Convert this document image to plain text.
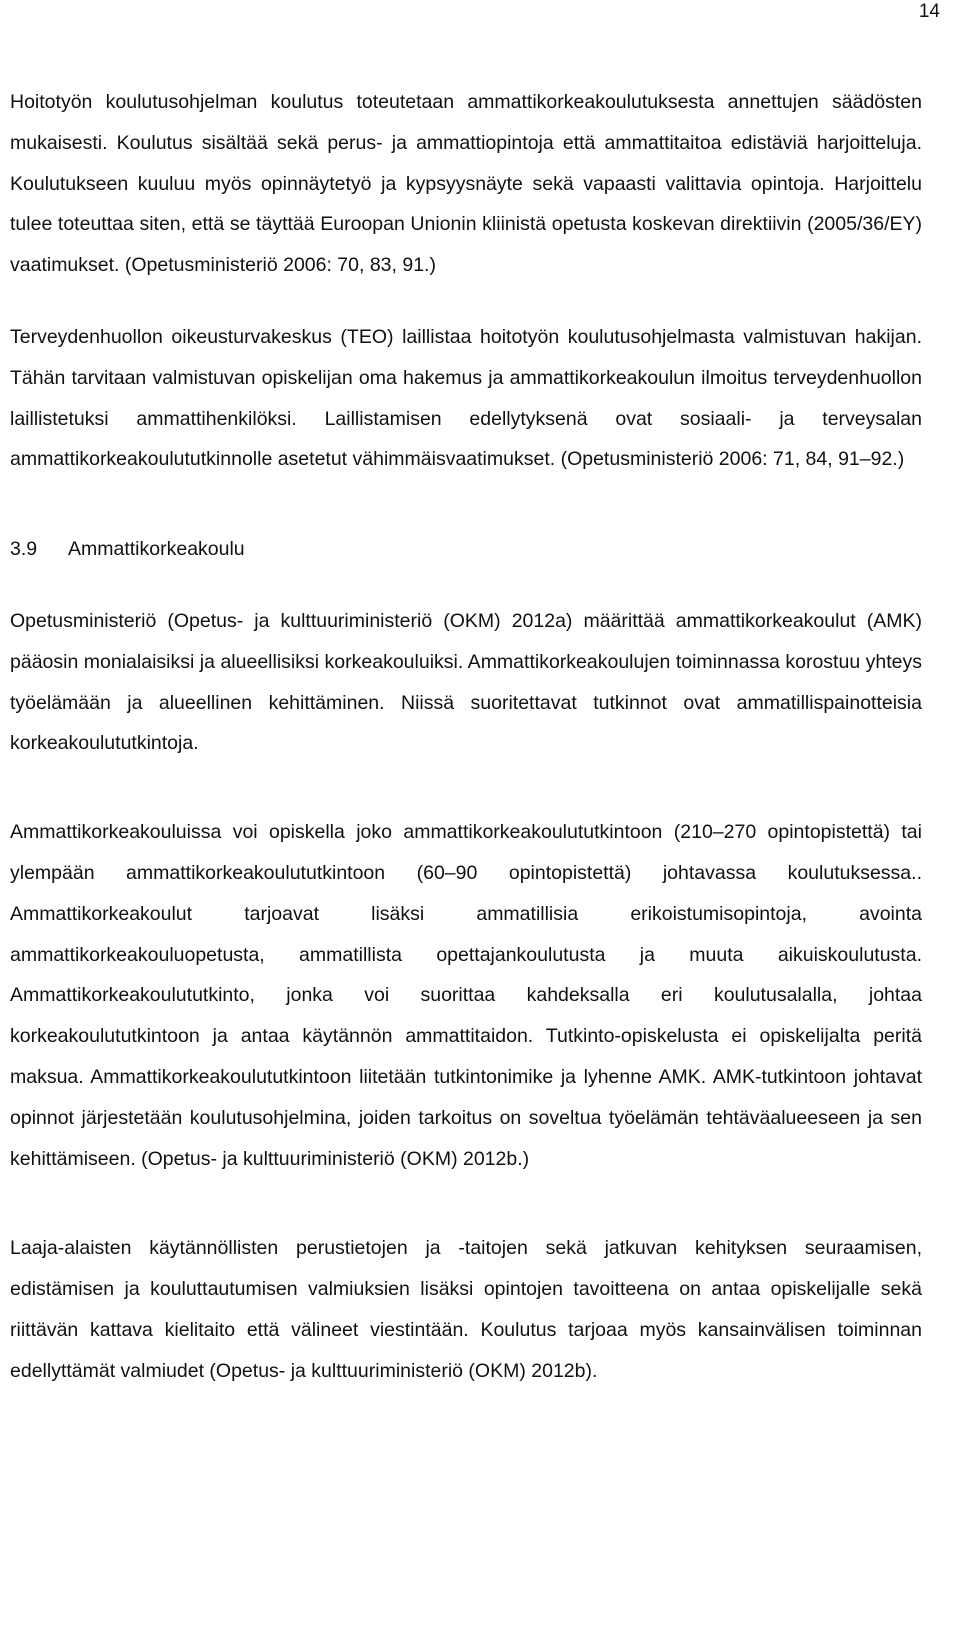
14

Hoitotyön koulutusohjelman koulutus toteutetaan ammattikorkeakoulutuksesta annettujen säädösten mukaisesti. Koulutus sisältää sekä perus- ja ammattiopintoja että ammattitaitoa edistäviä harjoitteluja. Koulutukseen kuuluu myös opinnäytetyö ja kypsyysnäyte sekä vapaasti valittavia opintoja. Harjoittelu tulee toteuttaa siten, että se täyttää Euroopan Unionin kliinistä opetusta koskevan direktiivin (2005/36/EY) vaatimukset. (Opetusministeriö 2006: 70, 83, 91.)

Terveydenhuollon oikeusturvakeskus (TEO) laillistaa hoitotyön koulutusohjelmasta valmistuvan hakijan. Tähän tarvitaan valmistuvan opiskelijan oma hakemus ja ammattikorkeakoulun ilmoitus terveydenhuollon laillistetuksi ammattihenkilöksi. Laillistamisen edellytyksenä ovat sosiaali- ja terveysalan ammattikorkeakoulututkinnolle asetetut vähimmäisvaatimukset. (Opetusministeriö 2006: 71, 84, 91–92.)

3.9 Ammattikorkeakoulu

Opetusministeriö (Opetus- ja kulttuuriministeriö (OKM) 2012a) määrittää ammattikorkeakoulut (AMK) pääosin monialaisiksi ja alueellisiksi korkeakouluiksi. Ammattikorkeakoulujen toiminnassa korostuu yhteys työelämään ja alueellinen kehittäminen. Niissä suoritettavat tutkinnot ovat ammatillispainotteisia korkeakoulututkintoja.

Ammattikorkeakouluissa voi opiskella joko ammattikorkeakoulututkintoon (210–270 opintopistettä) tai ylempään ammattikorkeakoulututkintoon (60–90 opintopistettä) johtavassa koulutuksessa.. Ammattikorkeakoulut tarjoavat lisäksi ammatillisia erikoistumisopintoja, avointa ammattikorkeakouluopetusta, ammatillista opettajankoulutusta ja muuta aikuiskoulutusta. Ammattikorkeakoulututkinto, jonka voi suorittaa kahdeksalla eri koulutusalalla, johtaa korkeakoulututkintoon ja antaa käytännön ammattitaidon. Tutkinto-opiskelusta ei opiskelijalta peritä maksua. Ammattikorkeakoulututkintoon liitetään tutkintonimike ja lyhenne AMK. AMK-tutkintoon johtavat opinnot järjestetään koulutusohjelmina, joiden tarkoitus on soveltua työelämän tehtäväalueeseen ja sen kehittämiseen. (Opetus- ja kulttuuriministeriö (OKM) 2012b.)

Laaja-alaisten käytännöllisten perustietojen ja -taitojen sekä jatkuvan kehityksen seuraamisen, edistämisen ja kouluttautumisen valmiuksien lisäksi opintojen tavoitteena on antaa opiskelijalle sekä riittävän kattava kielitaito että välineet viestintään. Koulutus tarjoaa myös kansainvälisen toiminnan edellyttämät valmiudet (Opetus- ja kulttuuriministeriö (OKM) 2012b).
